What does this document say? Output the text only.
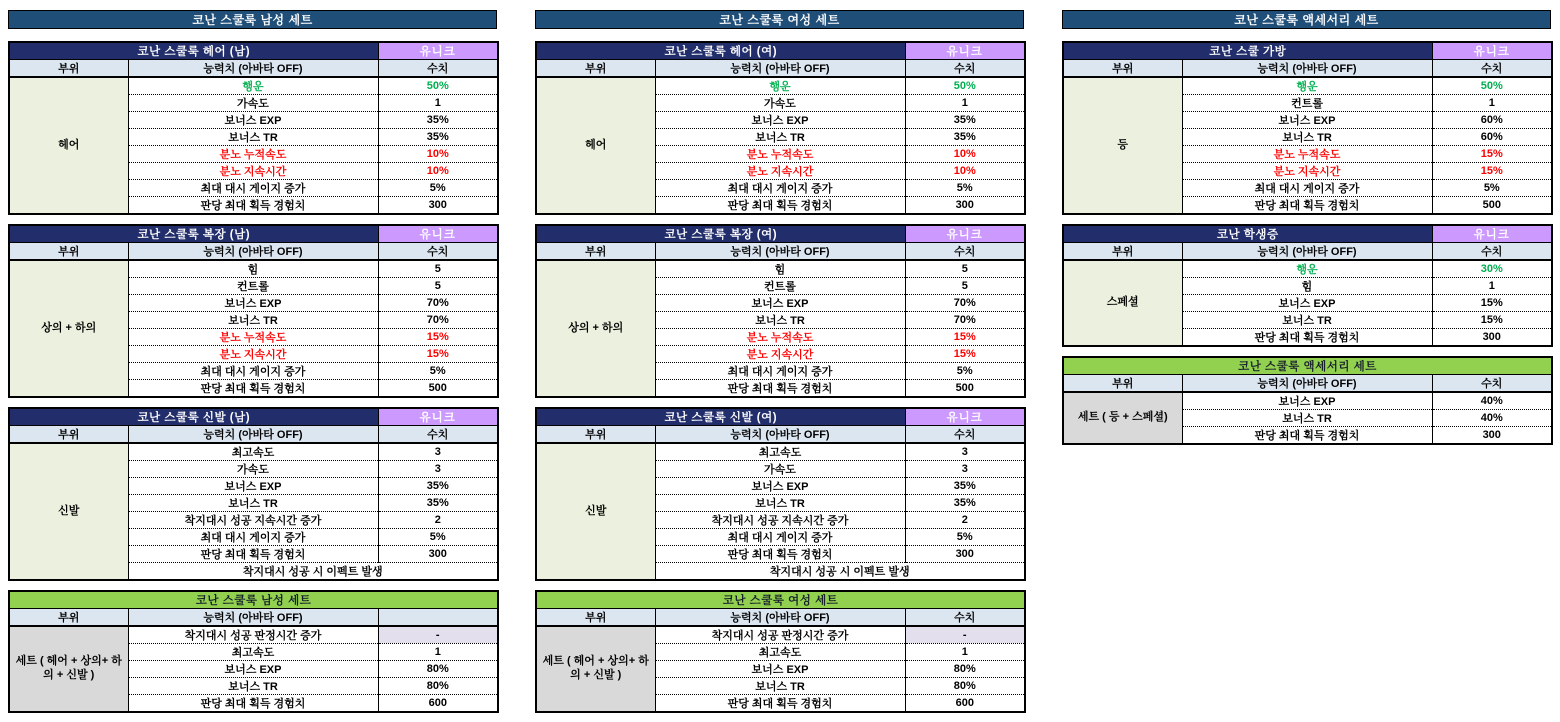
코난 스쿨룩 남성 세트
코난 스쿨룩 헤어 (남)		유니크
부위	능력치 (아바타 OFF)	수치
헤어	행운	50%
	가속도	1
	보너스 EXP	35%
	보너스 TR	35%
	분노 누적속도	10%
	분노 지속시간	10%
	최대 대시 게이지 증가	5%
	판당 최대 획득 경험치	300
코난 스쿨룩 복장 (남)		유니크
부위	능력치 (아바타 OFF)	수치
상의 + 하의	힘	5
	컨트롤	5
	보너스 EXP	70%
	보너스 TR	70%
	분노 누적속도	15%
	분노 지속시간	15%
	최대 대시 게이지 증가	5%
	판당 최대 획득 경험치	500
코난 스쿨룩 신발 (남)		유니크
부위	능력치 (아바타 OFF)	수치
신발	최고속도	3
	가속도	3
	보너스 EXP	35%
	보너스 TR	35%
	착지대시 성공 지속시간 증가	2
	최대 대시 게이지 증가	5%
	판당 최대 획득 경험치	300
	착지대시 성공 시 이펙트 발생	
코난 스쿨룩 남성 세트		
부위	능력치 (아바타 OFF)	
세트 ( 헤어 + 상의+ 하의 + 신발 )	착지대시 성공 판정시간 증가	-
	최고속도	1
	보너스 EXP	80%
	보너스 TR	80%
	판당 최대 획득 경험치	600
코난 스쿨룩 여성 세트
코난 스쿨룩 헤어 (여)		유니크
부위	능력치 (아바타 OFF)	수치
헤어	행운	50%
	가속도	1
	보너스 EXP	35%
	보너스 TR	35%
	분노 누적속도	10%
	분노 지속시간	10%
	최대 대시 게이지 증가	5%
	판당 최대 획득 경험치	300
코난 스쿨룩 복장 (여)		유니크
부위	능력치 (아바타 OFF)	수치
상의 + 하의	힘	5
	컨트롤	5
	보너스 EXP	70%
	보너스 TR	70%
	분노 누적속도	15%
	분노 지속시간	15%
	최대 대시 게이지 증가	5%
	판당 최대 획득 경험치	500
코난 스쿨룩 신발 (여)		유니크
부위	능력치 (아바타 OFF)	수치
신발	최고속도	3
	가속도	3
	보너스 EXP	35%
	보너스 TR	35%
	착지대시 성공 지속시간 증가	2
	최대 대시 게이지 증가	5%
	판당 최대 획득 경험치	300
	착지대시 성공 시 이펙트 발생	
코난 스쿨룩 여성 세트		
부위	능력치 (아바타 OFF)	수치
세트 ( 헤어 + 상의+ 하의 + 신발 )	착지대시 성공 판정시간 증가	-
	최고속도	1
	보너스 EXP	80%
	보너스 TR	80%
	판당 최대 획득 경험치	600
코난 스쿨룩 액세서리 세트
코난 스쿨 가방		유니크
부위	능력치 (아바타 OFF)	수치
등	행운	50%
	컨트롤	1
	보너스 EXP	60%
	보너스 TR	60%
	분노 누적속도	15%
	분노 지속시간	15%
	최대 대시 게이지 증가	5%
	판당 최대 획득 경험치	500
코난 학생증		유니크
부위	능력치 (아바타 OFF)	수치
스페셜	행운	30%
	힘	1
	보너스 EXP	15%
	보너스 TR	15%
	판당 최대 획득 경험치	300
코난 스쿨룩 액세서리 세트		
부위	능력치 (아바타 OFF)	수치
세트 ( 등 + 스페셜)	보너스 EXP	40%
	보너스 TR	40%
	판당 최대 획득 경험치	300
